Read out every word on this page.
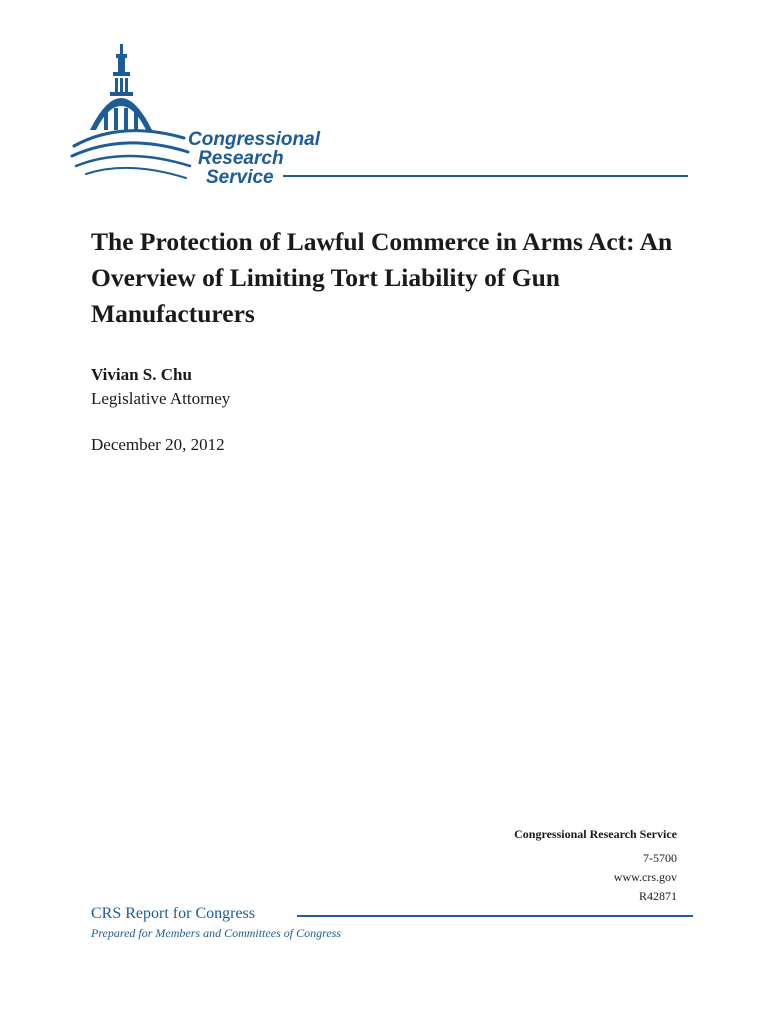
Congressional
Research
Service
The Protection of Lawful Commerce in Arms Act: An Overview of Limiting Tort Liability of Gun Manufacturers
Vivian S. Chu
Legislative Attorney
December 20, 2012
Congressional Research Service
7-5700
www.crs.gov
R42871
CRS Report for Congress
Prepared for Members and Committees of Congress
